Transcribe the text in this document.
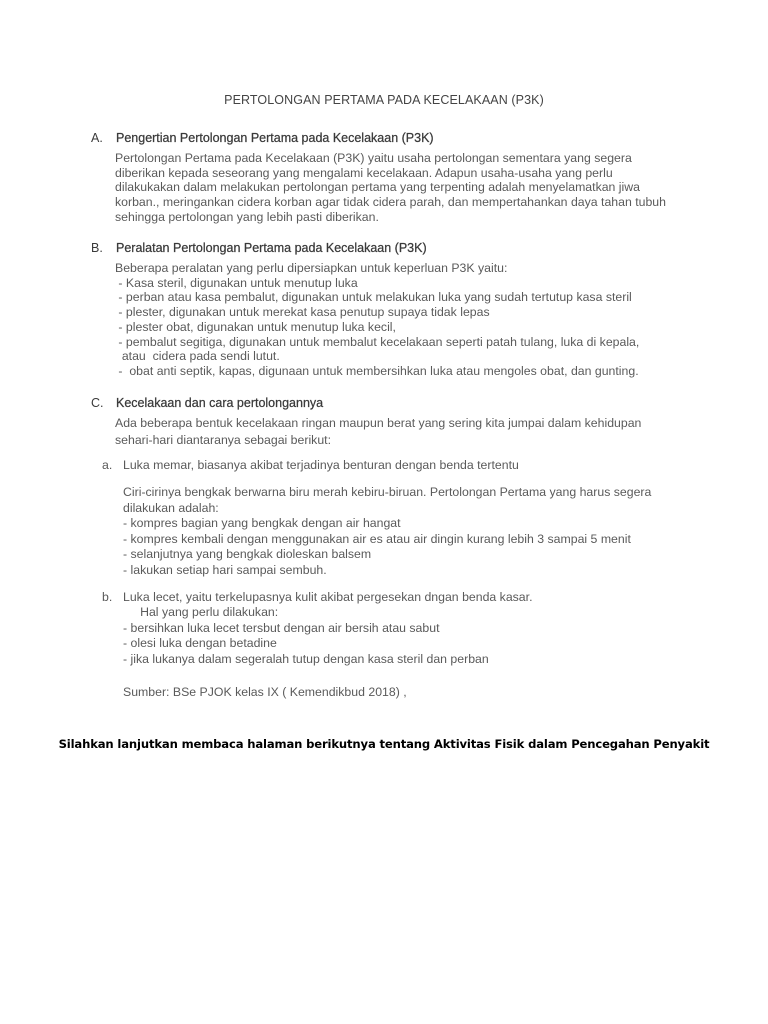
PERTOLONGAN PERTAMA PADA KECELAKAAN (P3K)
A. Pengertian Pertolongan Pertama pada Kecelakaan (P3K)
Pertolongan Pertama pada Kecelakaan (P3K) yaitu usaha pertolongan sementara yang segera
diberikan kepada seseorang yang mengalami kecelakaan. Adapun usaha-usaha yang perlu
dilakukakan dalam melakukan pertolongan pertama yang terpenting adalah menyelamatkan jiwa
korban., meringankan cidera korban agar tidak cidera parah, dan mempertahankan daya tahan tubuh
sehingga pertolongan yang lebih pasti diberikan.
B. Peralatan Pertolongan Pertama pada Kecelakaan (P3K)
Beberapa peralatan yang perlu dipersiapkan untuk keperluan P3K yaitu:
- Kasa steril, digunakan untuk menutup luka
- perban atau kasa pembalut, digunakan untuk melakukan luka yang sudah tertutup kasa steril
- plester, digunakan untuk merekat kasa penutup supaya tidak lepas
- plester obat, digunakan untuk menutup luka kecil,
- pembalut segitiga, digunakan untuk membalut kecelakaan seperti patah tulang, luka di kepala,
atau  cidera pada sendi lutut.
-  obat anti septik, kapas, digunaan untuk membersihkan luka atau mengoles obat, dan gunting.
C. Kecelakaan dan cara pertolongannya
Ada beberapa bentuk kecelakaan ringan maupun berat yang sering kita jumpai dalam kehidupan
sehari-hari diantaranya sebagai berikut:
a. Luka memar, biasanya akibat terjadinya benturan dengan benda tertentu
Ciri-cirinya bengkak berwarna biru merah kebiru-biruan. Pertolongan Pertama yang harus segera
dilakukan adalah:
- kompres bagian yang bengkak dengan air hangat
- kompres kembali dengan menggunakan air es atau air dingin kurang lebih 3 sampai 5 menit
- selanjutnya yang bengkak dioleskan balsem
- lakukan setiap hari sampai sembuh.
b. Luka lecet, yaitu terkelupasnya kulit akibat pergesekan dngan benda kasar.
Hal yang perlu dilakukan:
- bersihkan luka lecet tersbut dengan air bersih atau sabut
- olesi luka dengan betadine
- jika lukanya dalam segeralah tutup dengan kasa steril dan perban
Sumber: BSe PJOK kelas IX ( Kemendikbud 2018) ,
Silahkan lanjutkan membaca halaman berikutnya tentang Aktivitas Fisik dalam Pencegahan Penyakit
